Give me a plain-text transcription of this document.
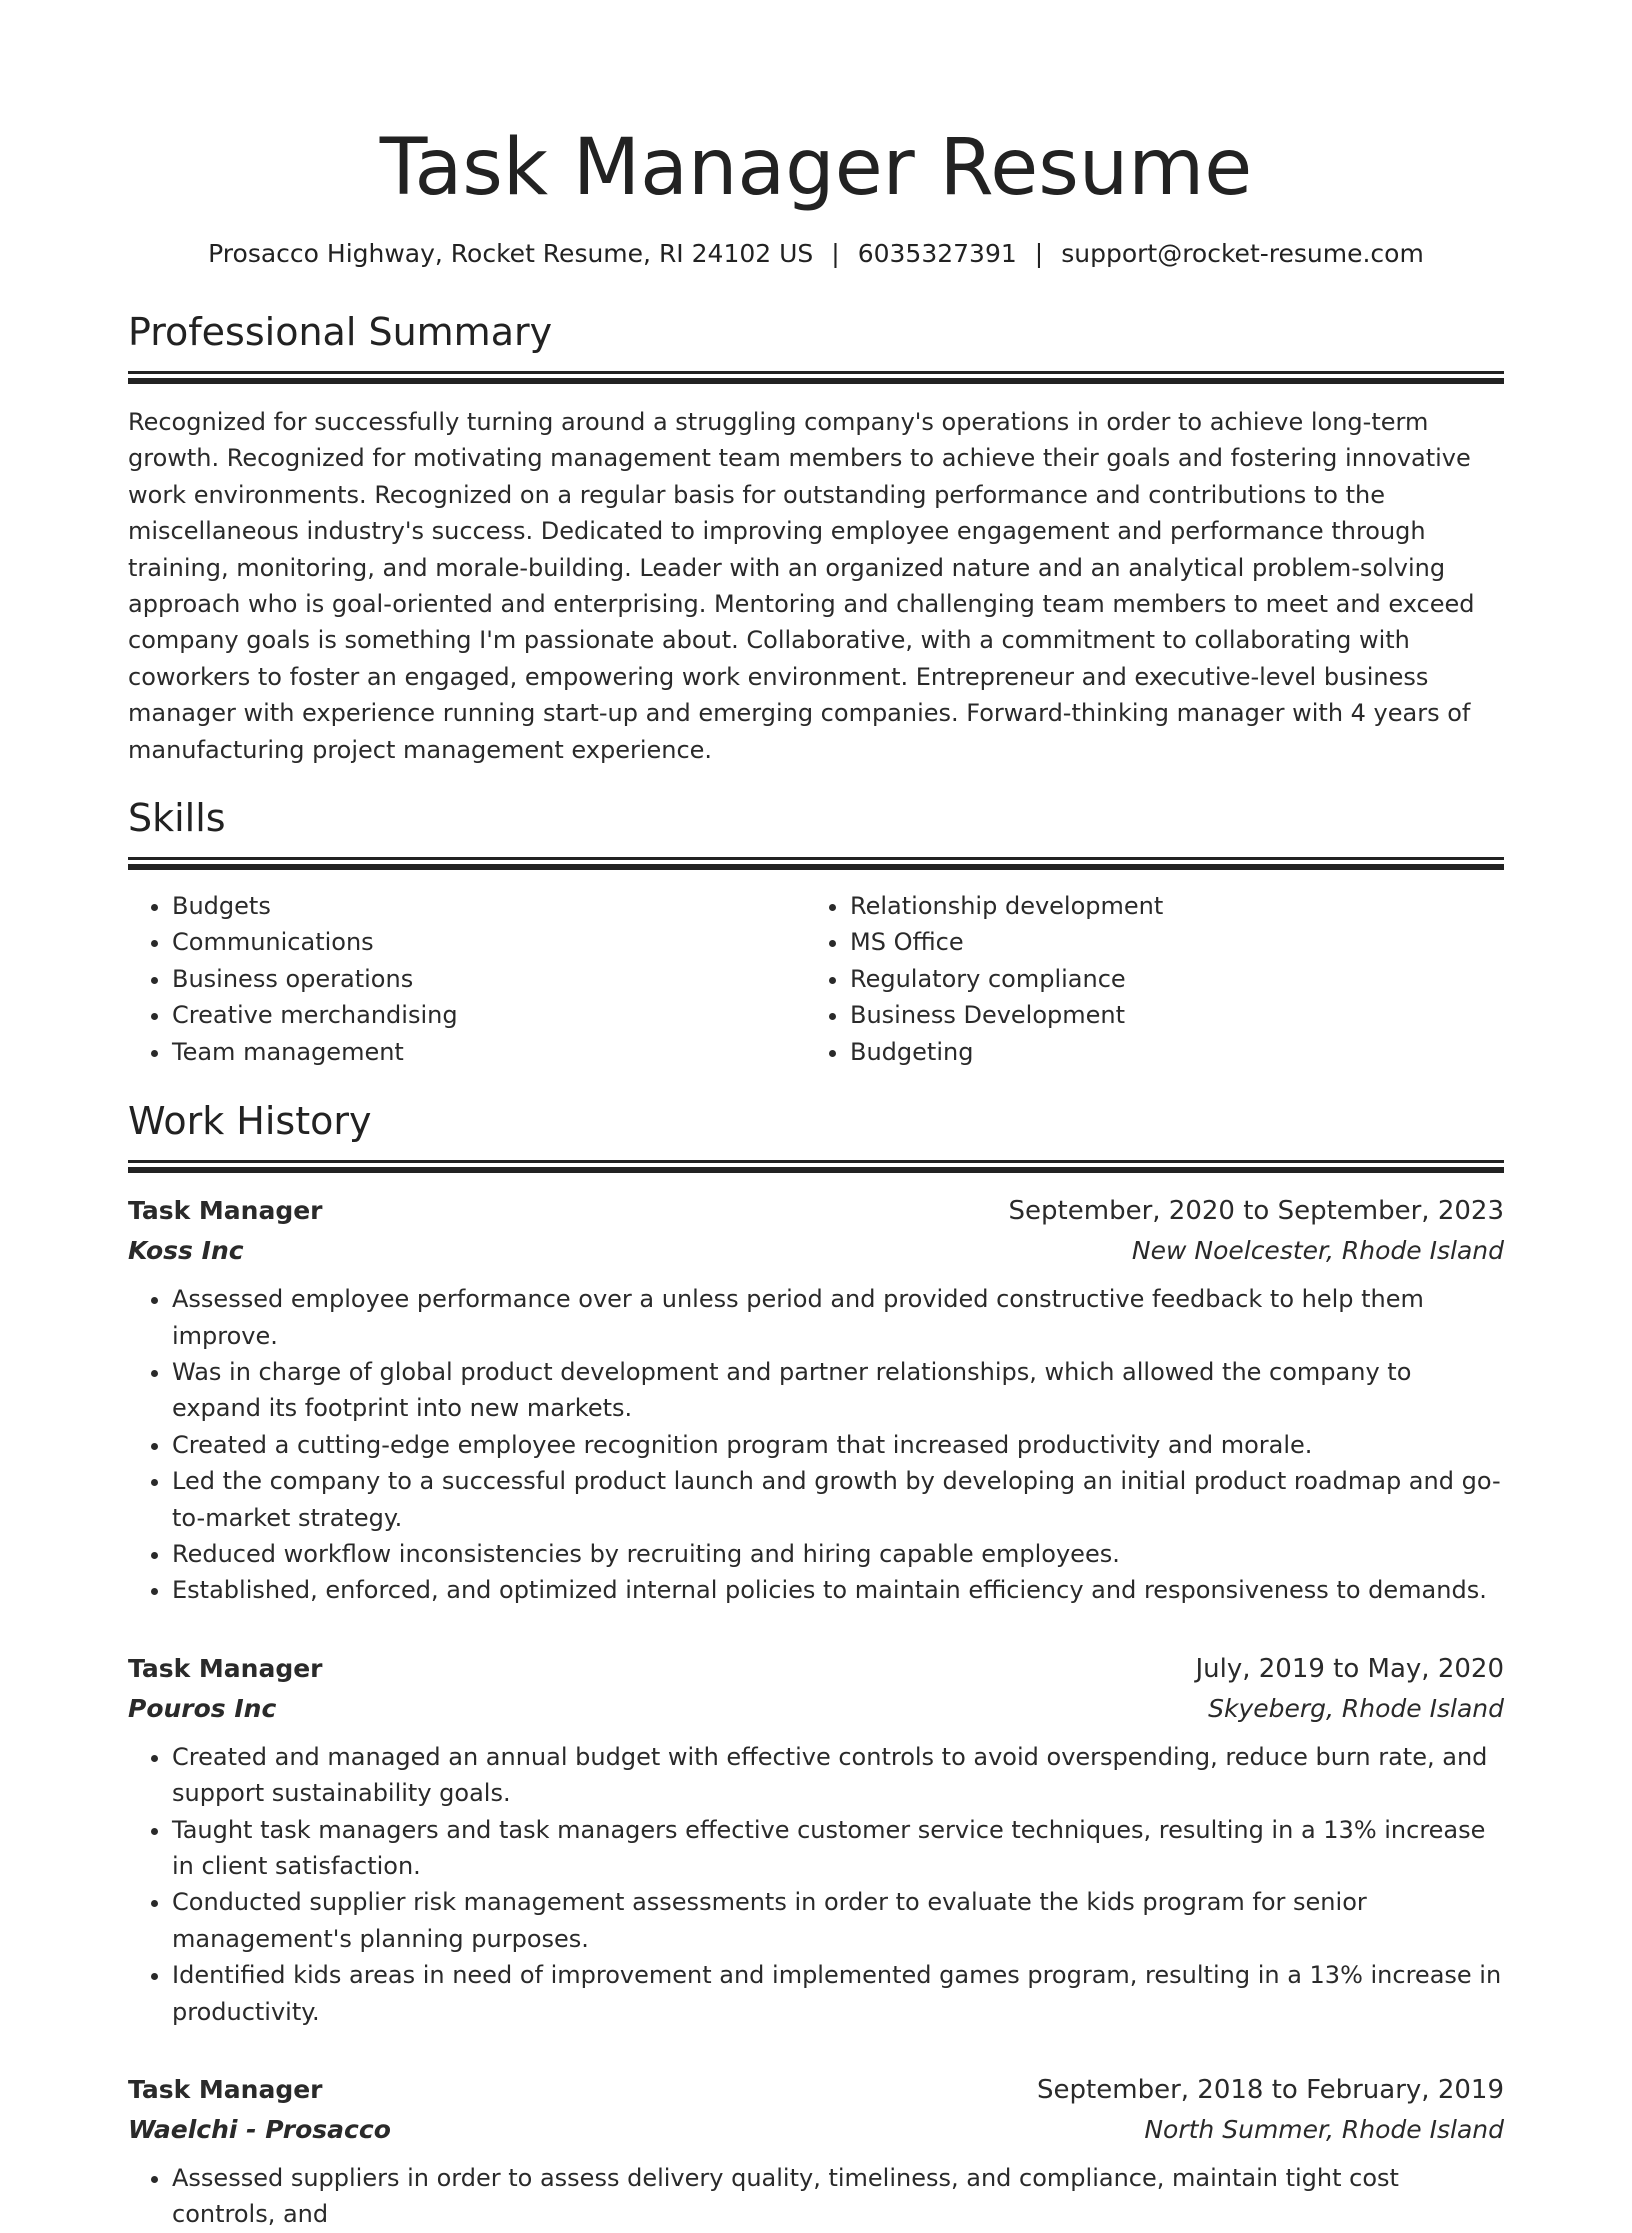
Task Manager Resume
Prosacco Highway, Rocket Resume, RI 24102 US | 6035327391 | support@rocket-resume.com
Professional Summary

Recognized for successfully turning around a struggling company's operations in order to achieve long-term growth. Recognized for motivating management team members to achieve their goals and fostering innovative work environments. Recognized on a regular basis for outstanding performance and contributions to the miscellaneous industry's success. Dedicated to improving employee engagement and performance through training, monitoring, and morale-building. Leader with an organized nature and an analytical problem-solving approach who is goal-oriented and enterprising. Mentoring and challenging team members to meet and exceed company goals is something I'm passionate about. Collaborative, with a commitment to collaborating with coworkers to foster an engaged, empowering work environment. Entrepreneur and executive-level business manager with experience running start-up and emerging companies. Forward-thinking manager with 4 years of manufacturing project management experience.

Skills
• Budgets
• Communications
• Business operations
• Creative merchandising
• Team management
• Relationship development
• MS Office
• Regulatory compliance
• Business Development
• Budgeting
Work History
Task Manager	September, 2020 to September, 2023
Koss Inc	New Noelcester, Rhode Island
• Assessed employee performance over a unless period and provided constructive feedback to help them improve.
• Was in charge of global product development and partner relationships, which allowed the company to expand its footprint into new markets.
• Created a cutting-edge employee recognition program that increased productivity and morale.
• Led the company to a successful product launch and growth by developing an initial product roadmap and go-to-market strategy.
• Reduced workflow inconsistencies by recruiting and hiring capable employees.
• Established, enforced, and optimized internal policies to maintain efficiency and responsiveness to demands.
Task Manager	July, 2019 to May, 2020
Pouros Inc	Skyeberg, Rhode Island
• Created and managed an annual budget with effective controls to avoid overspending, reduce burn rate, and support sustainability goals.
• Taught task managers and task managers effective customer service techniques, resulting in a 13% increase in client satisfaction.
• Conducted supplier risk management assessments in order to evaluate the kids program for senior management's planning purposes.
• Identified kids areas in need of improvement and implemented games program, resulting in a 13% increase in productivity.
Task Manager	September, 2018 to February, 2019
Waelchi - Prosacco	North Summer, Rhode Island
• Assessed suppliers in order to assess delivery quality, timeliness, and compliance, maintain tight cost controls, and
